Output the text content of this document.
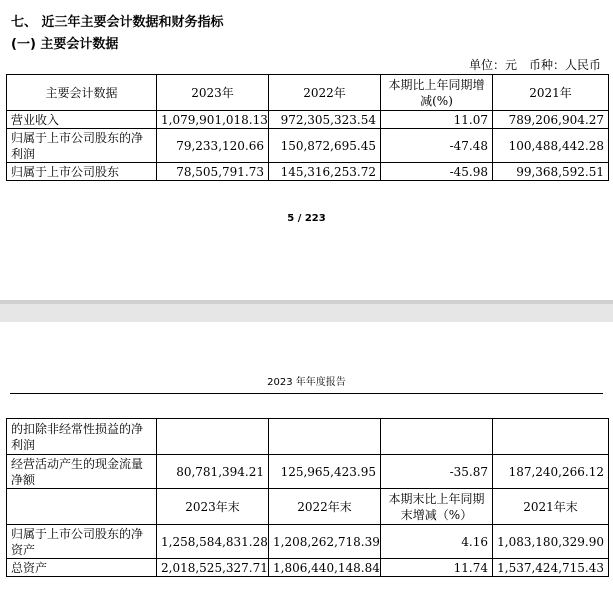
七、 近三年主要会计数据和财务指标
(一) 主要会计数据
单位：元　币种：人民币
主要会计数据	2023年	2022年	本期比上年同期增减(%)	2021年
营业收入	1,079,901,018.13	972,305,323.54	11.07	789,206,904.27
归属于上市公司股东的净利润	79,233,120.66	150,872,695.45	-47.48	100,488,442.28
归属于上市公司股东	78,505,791.73	145,316,253.72	-45.98	99,368,592.51
5 / 223
2023 年年度报告
的扣除非经常性损益的净利润				
经营活动产生的现金流量净额	80,781,394.21	125,965,423.95	-35.87	187,240,266.12
	2023年末	2022年末	本期末比上年同期末增减（%）	2021年末
归属于上市公司股东的净资产	1,258,584,831.28	1,208,262,718.39	4.16	1,083,180,329.90
总资产	2,018,525,327.71	1,806,440,148.84	11.74	1,537,424,715.43
